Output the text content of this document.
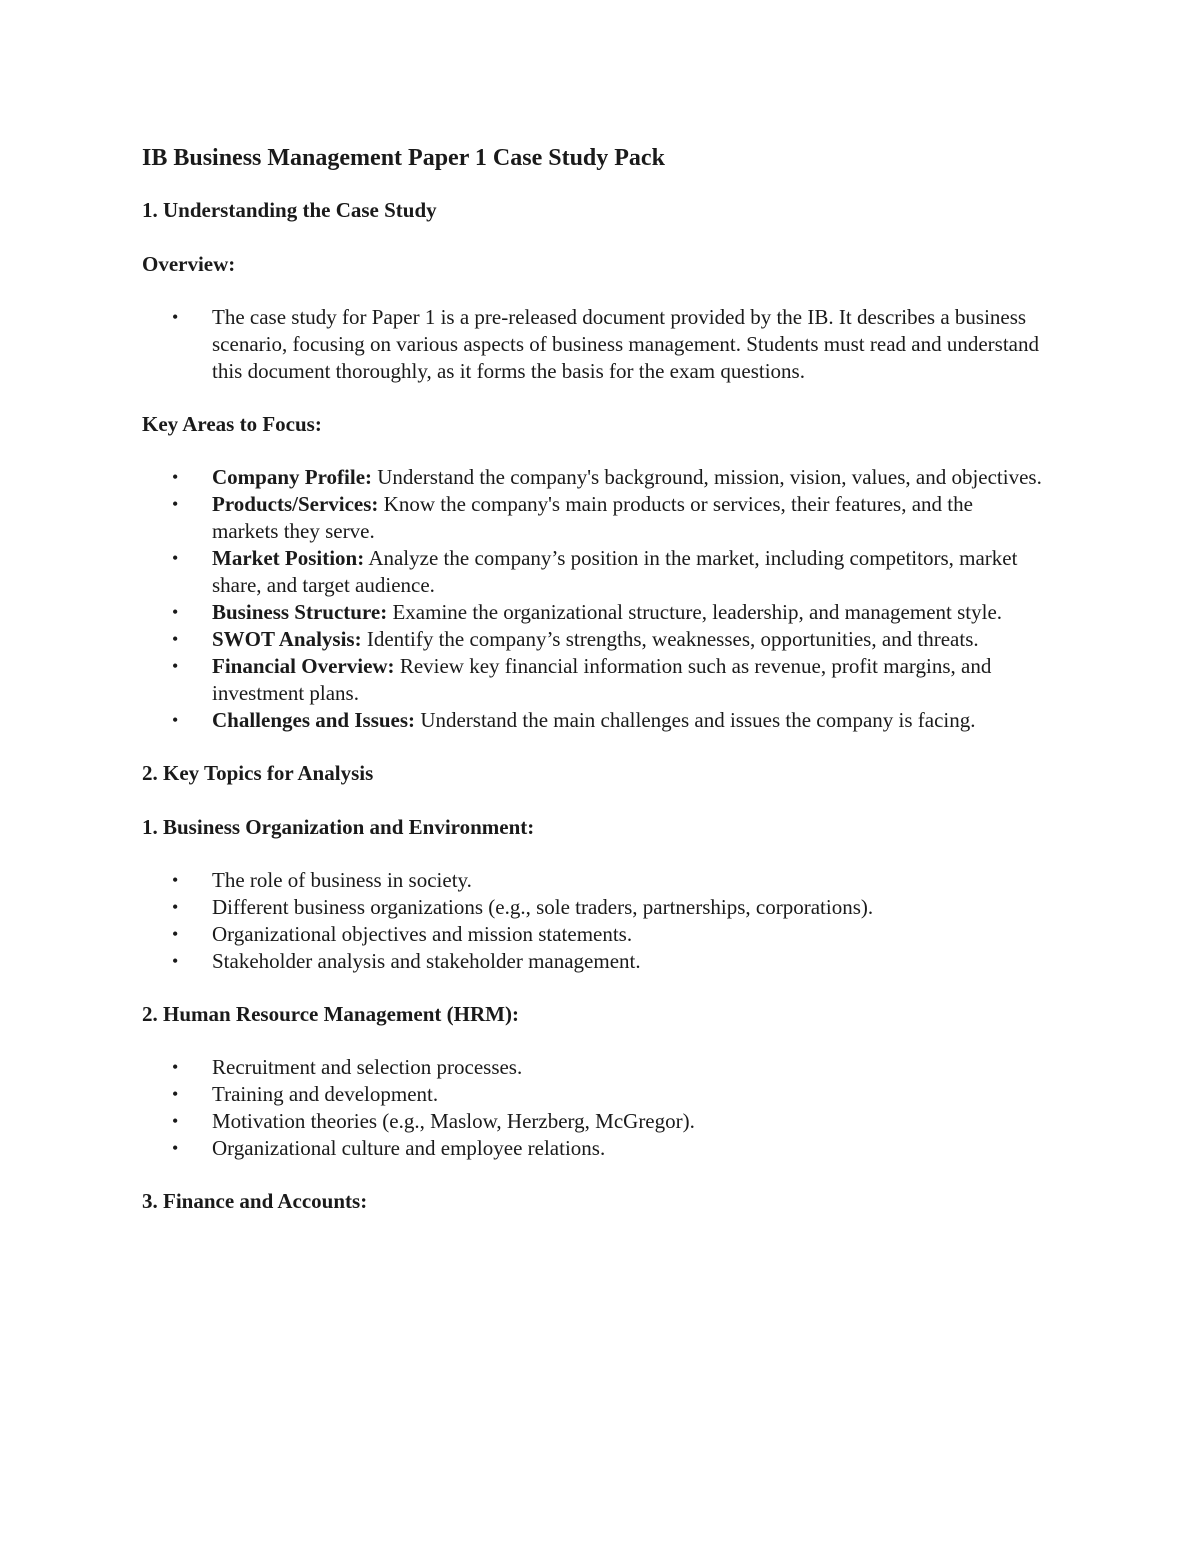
IB Business Management Paper 1 Case Study Pack
1. Understanding the Case Study
Overview:
• The case study for Paper 1 is a pre-released document provided by the IB. It describes a business scenario, focusing on various aspects of business management. Students must read and understand this document thoroughly, as it forms the basis for the exam questions.
Key Areas to Focus:
• Company Profile: Understand the company's background, mission, vision, values, and objectives.
• Products/Services: Know the company's main products or services, their features, and the markets they serve.
• Market Position: Analyze the company’s position in the market, including competitors, market share, and target audience.
• Business Structure: Examine the organizational structure, leadership, and management style.
• SWOT Analysis: Identify the company’s strengths, weaknesses, opportunities, and threats.
• Financial Overview: Review key financial information such as revenue, profit margins, and investment plans.
• Challenges and Issues: Understand the main challenges and issues the company is facing.
2. Key Topics for Analysis
1. Business Organization and Environment:
• The role of business in society.
• Different business organizations (e.g., sole traders, partnerships, corporations).
• Organizational objectives and mission statements.
• Stakeholder analysis and stakeholder management.
2. Human Resource Management (HRM):
• Recruitment and selection processes.
• Training and development.
• Motivation theories (e.g., Maslow, Herzberg, McGregor).
• Organizational culture and employee relations.
3. Finance and Accounts:
